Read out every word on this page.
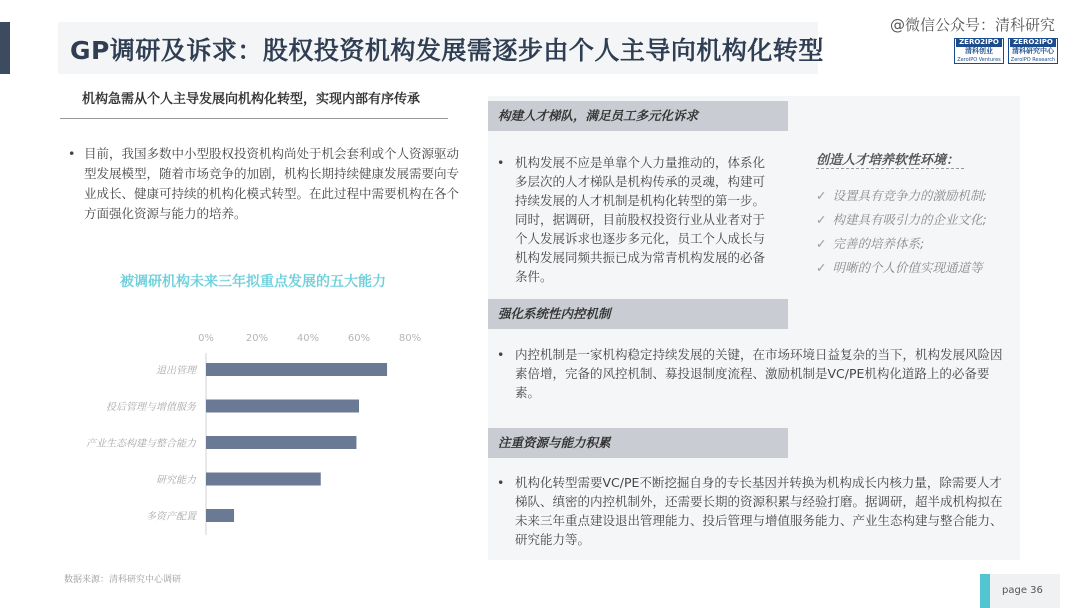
GP调研及诉求：股权投资机构发展需逐步由个人主导向机构化转型
@微信公众号：清科研究
ZERO2IPO
清科创业
ZeroIPO Ventures
ZERO2IPO
清科研究中心
ZeroIPO Research
机构急需从个人主导发展向机构化转型，实现内部有序传承
• 目前，我国多数中小型股权投资机构尚处于机会套利或个人资源驱动型发展模型，随着市场竞争的加剧，机构长期持续健康发展需要向专业成长、健康可持续的机构化模式转型。在此过程中需要机构在各个方面强化资源与能力的培养。
被调研机构未来三年拟重点发展的五大能力
0%	20%	40%	60%	80%
退出管理
投后管理与增值服务
产业生态构建与整合能力
研究能力
多资产配置
数据来源：清科研究中心调研
构建人才梯队，满足员工多元化诉求
• 机构发展不应是单靠个人力量推动的，体系化多层次的人才梯队是机构传承的灵魂，构建可持续发展的人才机制是机构化转型的第一步。同时，据调研，目前股权投资行业从业者对于个人发展诉求也逐步多元化，员工个人成长与机构发展同频共振已成为常青机构发展的必备条件。
创造人才培养软性环境：
✓ 设置具有竞争力的激励机制;
✓ 构建具有吸引力的企业文化;
✓ 完善的培养体系;
✓ 明晰的个人价值实现通道等
强化系统性内控机制
• 内控机制是一家机构稳定持续发展的关键，在市场环境日益复杂的当下，机构发展风险因素倍增，完备的风控机制、募投退制度流程、激励机制是VC/PE机构化道路上的必备要素。
注重资源与能力积累
• 机构化转型需要VC/PE不断挖掘自身的专长基因并转换为机构成长内核力量，除需要人才梯队、缜密的内控机制外，还需要长期的资源积累与经验打磨。据调研，超半成机构拟在未来三年重点建设退出管理能力、投后管理与增值服务能力、产业生态构建与整合能力、研究能力等。
page 36
